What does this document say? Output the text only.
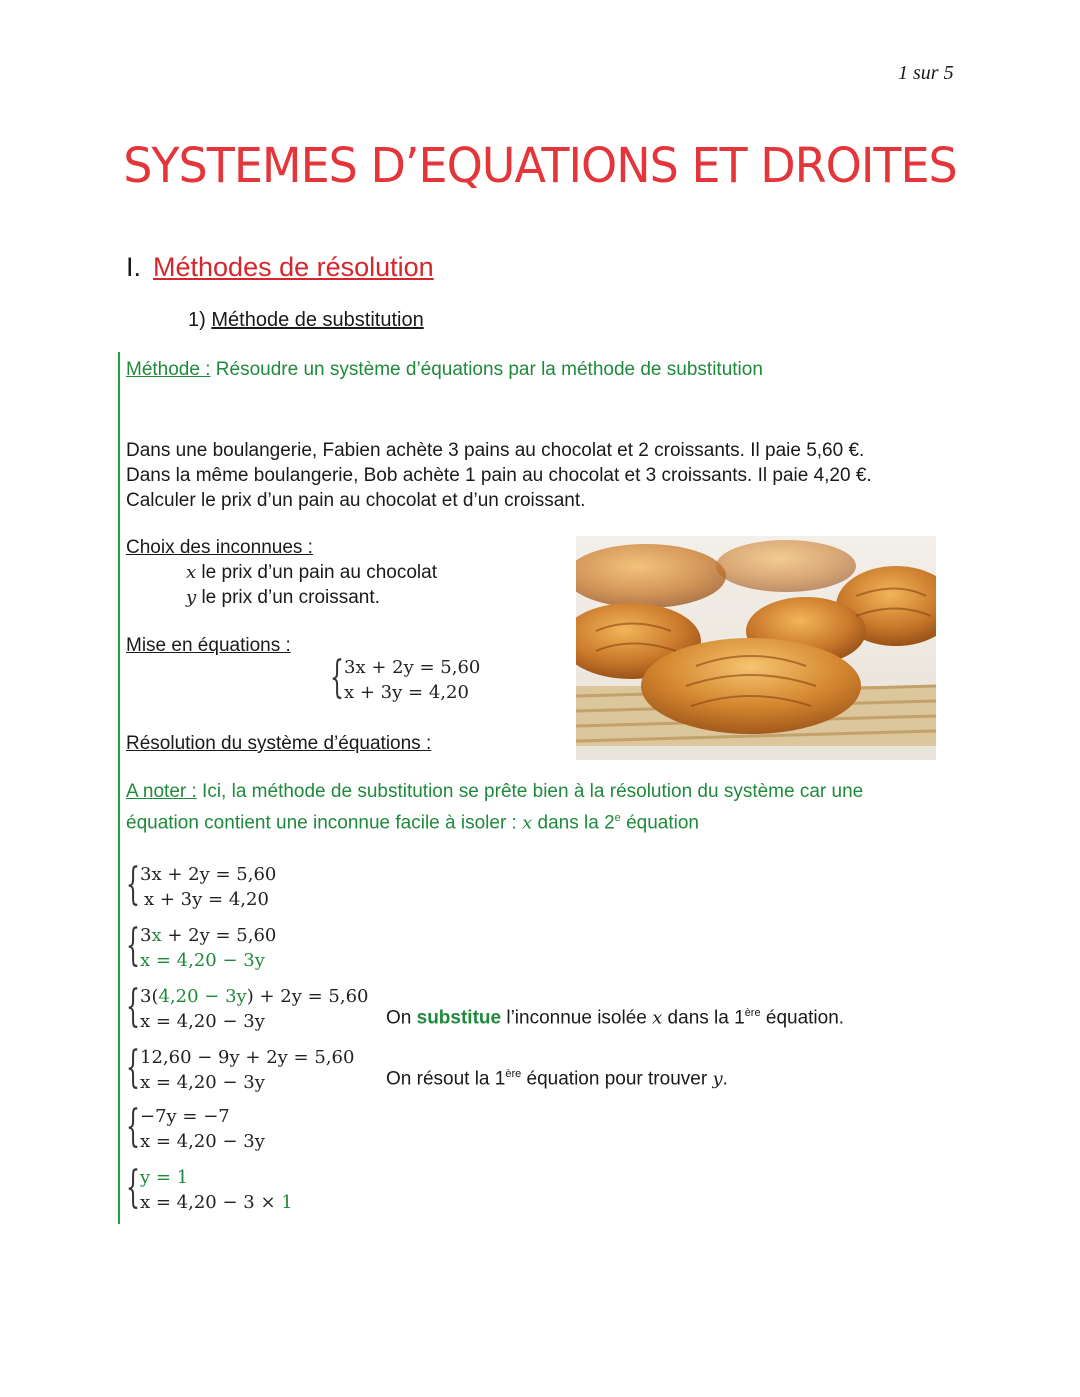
1 sur 5
SYSTEMES D’EQUATIONS ET DROITES
I. Méthodes de résolution
1) Méthode de substitution
Méthode : Résoudre un système d’équations par la méthode de substitution
Dans une boulangerie, Fabien achète 3 pains au chocolat et 2 croissants. Il paie 5,60 €.
Dans la même boulangerie, Bob achète 1 pain au chocolat et 3 croissants. Il paie 4,20 €.
Calculer le prix d’un pain au chocolat et d’un croissant.
Choix des inconnues :
x le prix d’un pain au chocolat
y le prix d’un croissant.
Mise en équations :
{ 3x + 2y = 5,60
x + 3y = 4,20
Résolution du système d’équations :
A noter : Ici, la méthode de substitution se prête bien à la résolution du système car une
équation contient une inconnue facile à isoler : x dans la 2e équation
{ 3x + 2y = 5,60
x + 3y = 4,20
{ 3x + 2y = 5,60
x = 4,20 − 3y
{ 3(4,20 − 3y) + 2y = 5,60
x = 4,20 − 3y	On substitue l’inconnue isolée x dans la 1ère équation.
{ 12,60 − 9y + 2y = 5,60
x = 4,20 − 3y	On résout la 1ère équation pour trouver y.
{ −7y = −7
x = 4,20 − 3y
{ y = 1
x = 4,20 − 3 × 1
